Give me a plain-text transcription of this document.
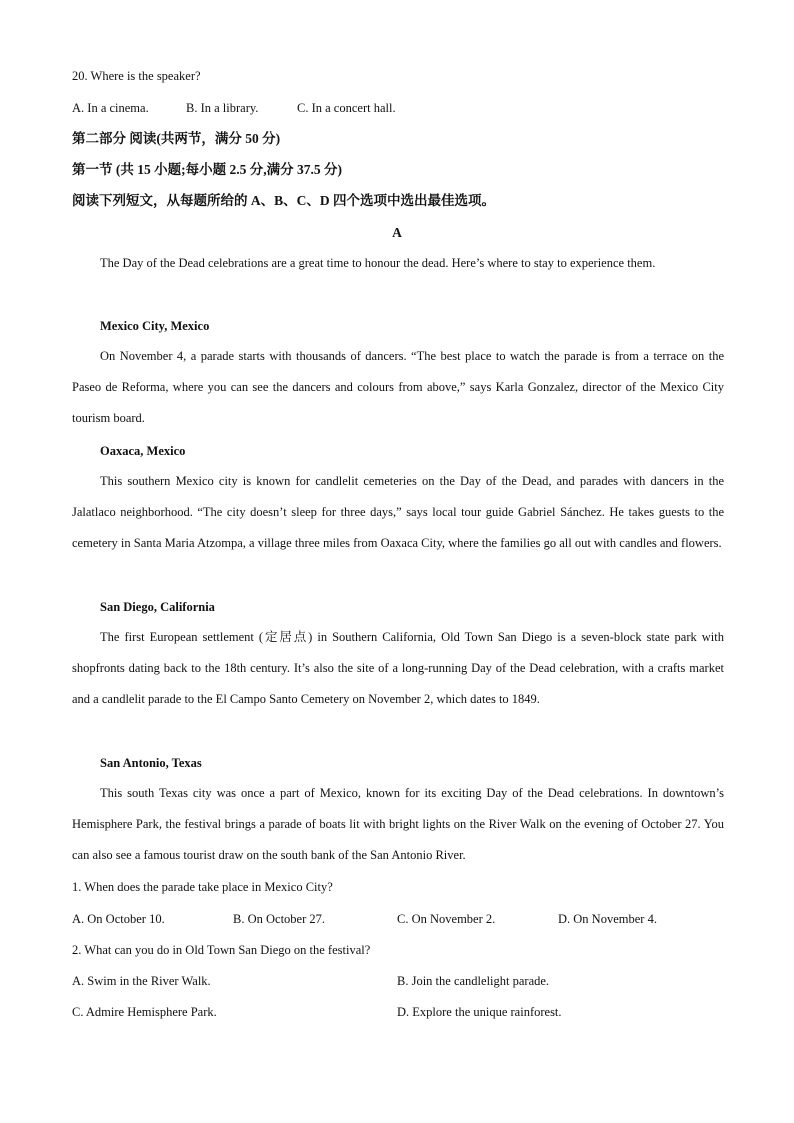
20. Where is the speaker?
A. In a cinema.	B. In a library.	C. In a concert hall.
第二部分 阅读(共两节，满分 50 分)
第一节 (共 15 小题;每小题 2.5 分,满分 37.5 分)
阅读下列短文，从每题所给的 A、B、C、D 四个选项中选出最佳选项。
A
The Day of the Dead celebrations are a great time to honour the dead. Here’s where to stay to experience them.
Mexico City, Mexico
On November 4, a parade starts with thousands of dancers. “The best place to watch the parade is from a terrace on the Paseo de Reforma, where you can see the dancers and colours from above,” says Karla Gonzalez, director of the Mexico City tourism board.
Oaxaca, Mexico
This southern Mexico city is known for candlelit cemeteries on the Day of the Dead, and parades with dancers in the Jalatlaco neighborhood. “The city doesn’t sleep for three days,” says local tour guide Gabriel Sánchez. He takes guests to the cemetery in Santa Maria Atzompa, a village three miles from Oaxaca City, where the families go all out with candles and flowers.
San Diego, California
The first European settlement (定居点) in Southern California, Old Town San Diego is a seven-block state park with shopfronts dating back to the 18th century. It’s also the site of a long-running Day of the Dead celebration, with a crafts market and a candlelit parade to the El Campo Santo Cemetery on November 2, which dates to 1849.
San Antonio, Texas
This south Texas city was once a part of Mexico, known for its exciting Day of the Dead celebrations. In downtown’s Hemisphere Park, the festival brings a parade of boats lit with bright lights on the River Walk on the evening of October 27. You can also see a famous tourist draw on the south bank of the San Antonio River.
1. When does the parade take place in Mexico City?
A. On October 10.	B. On October 27.	C. On November 2.	D. On November 4.
2. What can you do in Old Town San Diego on the festival?
A. Swim in the River Walk.	B. Join the candlelight parade.
C. Admire Hemisphere Park.	D. Explore the unique rainforest.
